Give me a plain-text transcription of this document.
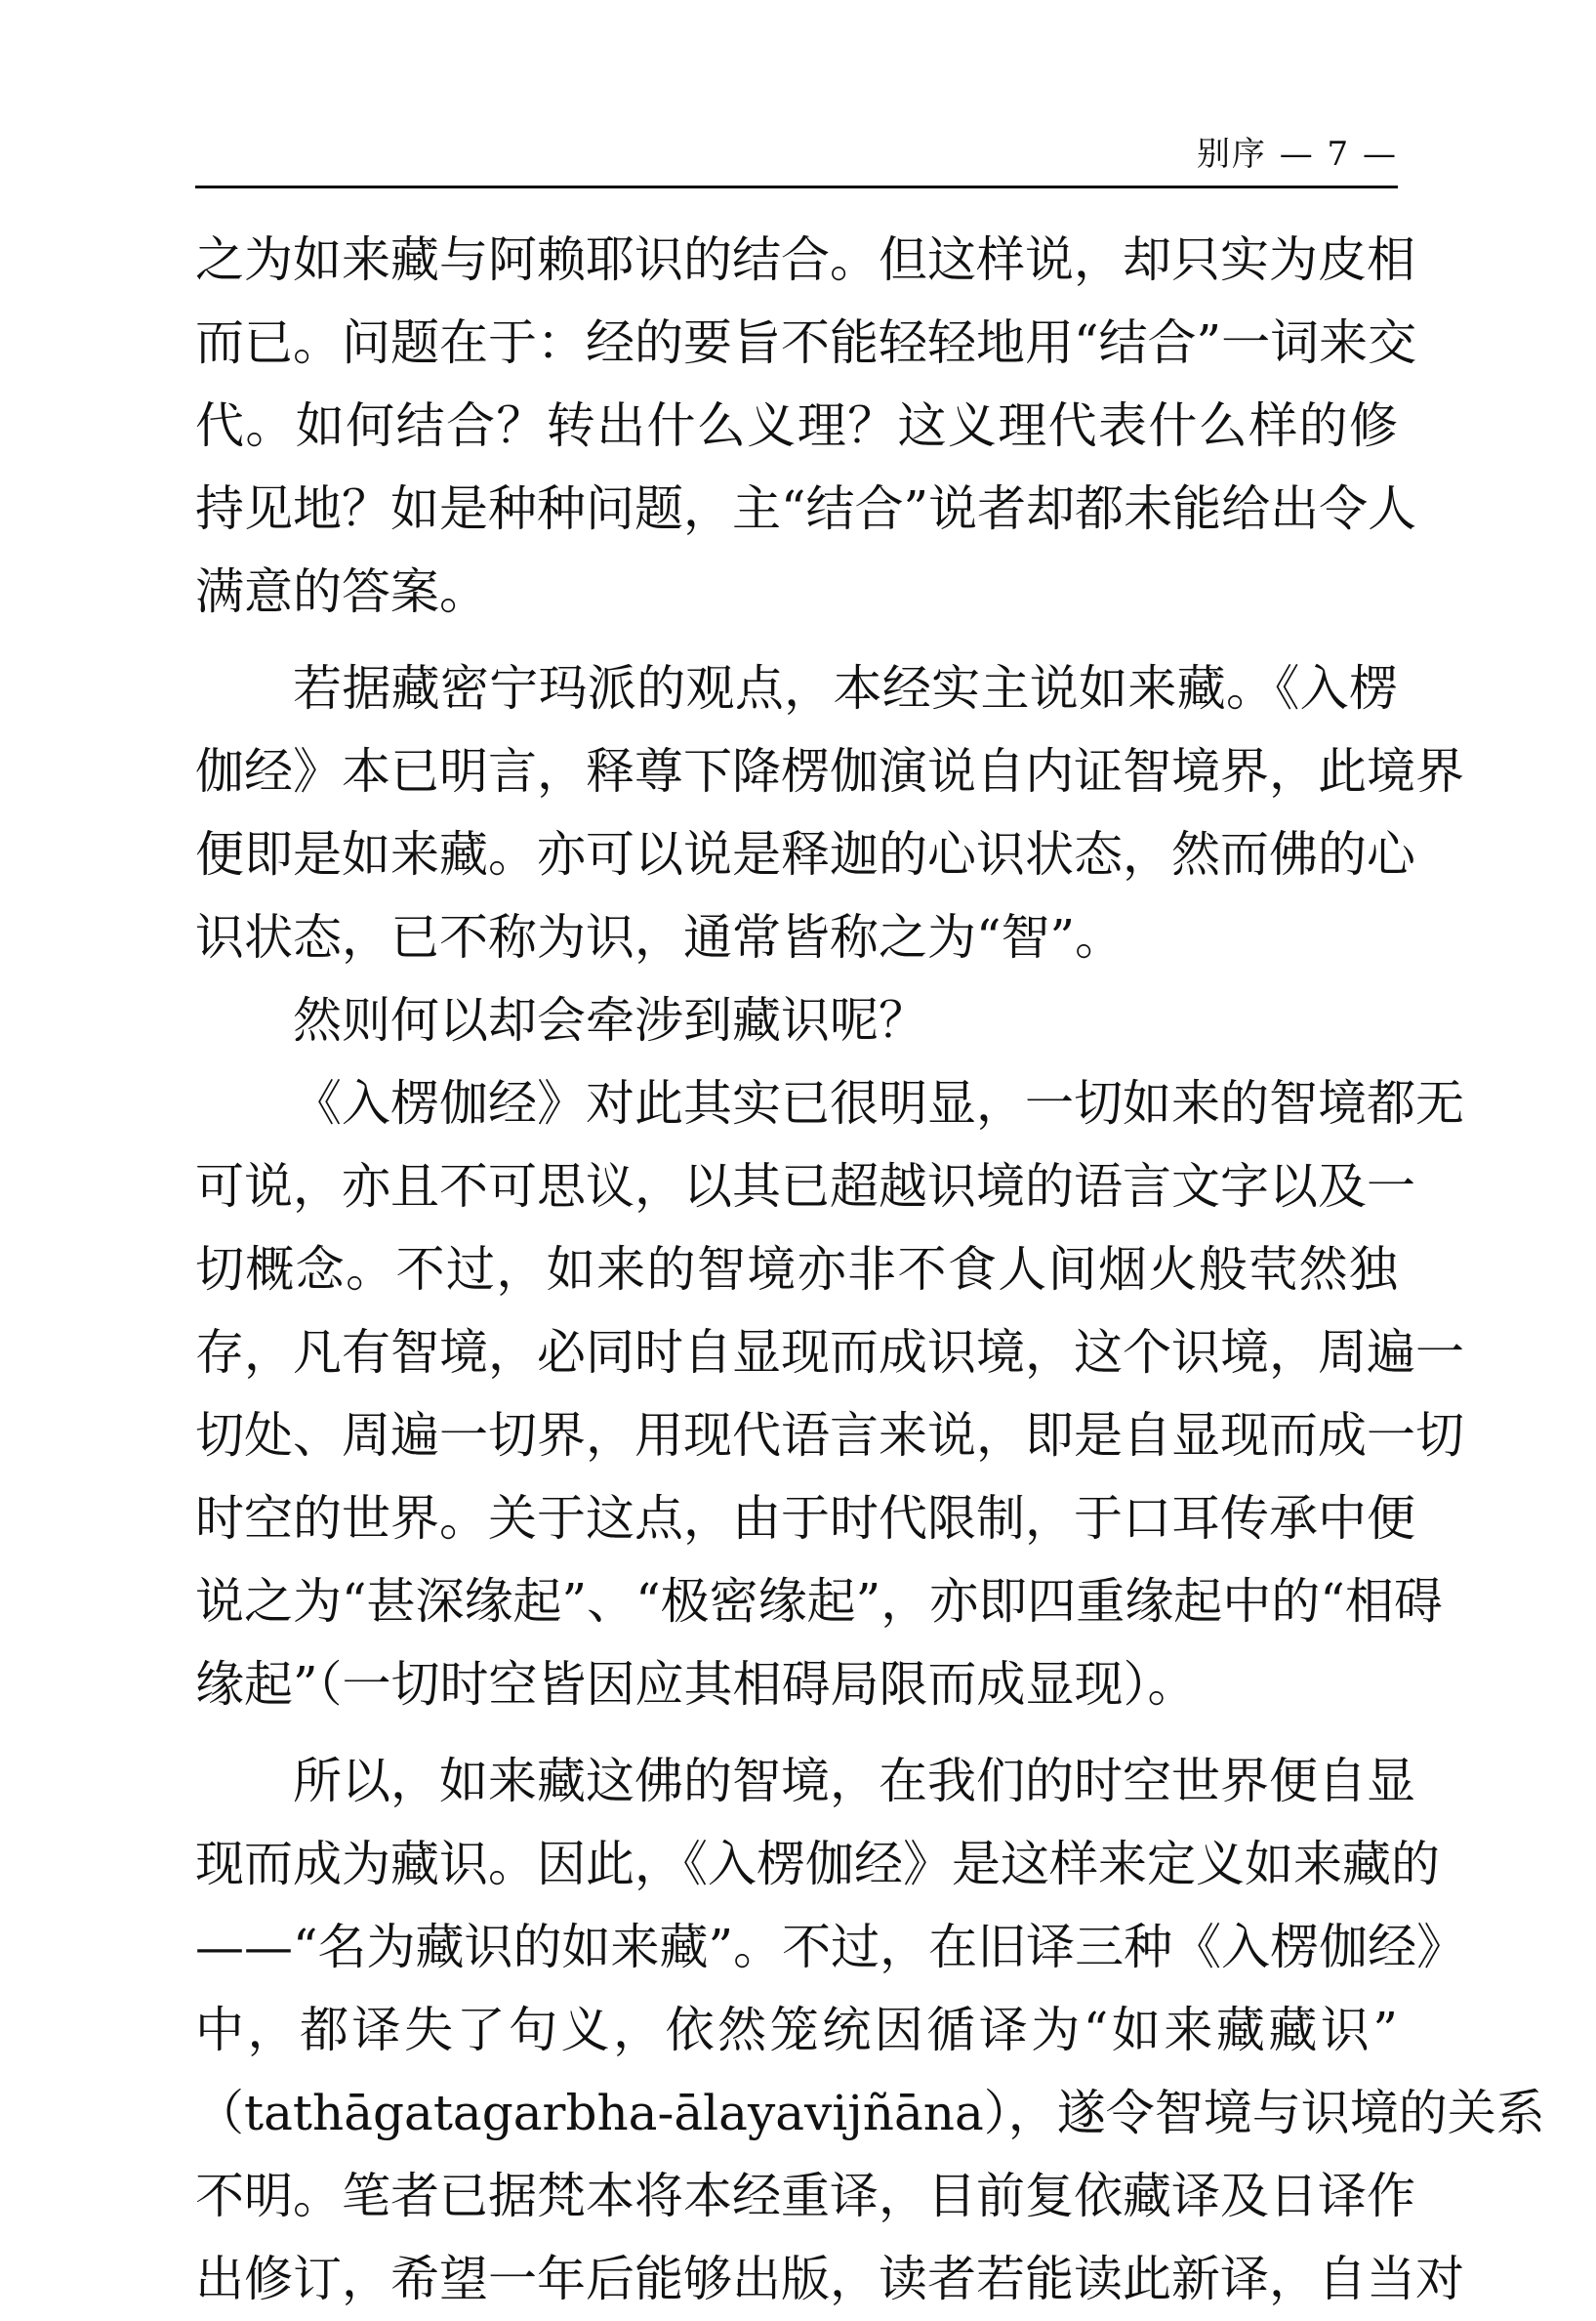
别序 — 7 —
之为如来藏与阿赖耶识的结合。但这样说，却只实为皮相
而已。问题在于：经的要旨不能轻轻地用“结合”一词来交
代。如何结合？转出什么义理？这义理代表什么样的修
持见地？如是种种问题，主“结合”说者却都未能给出令人
满意的答案。
若据藏密宁玛派的观点，本经实主说如来藏。《入楞
伽经》本已明言，释尊下降楞伽演说自内证智境界，此境界
便即是如来藏。亦可以说是释迦的心识状态，然而佛的心
识状态，已不称为识，通常皆称之为“智”。
然则何以却会牵涉到藏识呢？
《入楞伽经》对此其实已很明显，一切如来的智境都无
可说，亦且不可思议，以其已超越识境的语言文字以及一
切概念。不过，如来的智境亦非不食人间烟火般茕然独
存，凡有智境，必同时自显现而成识境，这个识境，周遍一
切处、周遍一切界，用现代语言来说，即是自显现而成一切
时空的世界。关于这点，由于时代限制，于口耳传承中便
说之为“甚深缘起”、“极密缘起”，亦即四重缘起中的“相碍
缘起”（一切时空皆因应其相碍局限而成显现）。
所以，如来藏这佛的智境，在我们的时空世界便自显
现而成为藏识。因此，《入楞伽经》是这样来定义如来藏的
——“名为藏识的如来藏”。不过，在旧译三种《入楞伽经》
中，都译失了句义，依然笼统因循译为“如来藏藏识”
（tathāgatagarbha-ālayavijñāna），遂令智境与识境的关系
不明。笔者已据梵本将本经重译，目前复依藏译及日译作
出修订，希望一年后能够出版，读者若能读此新译，自当对
